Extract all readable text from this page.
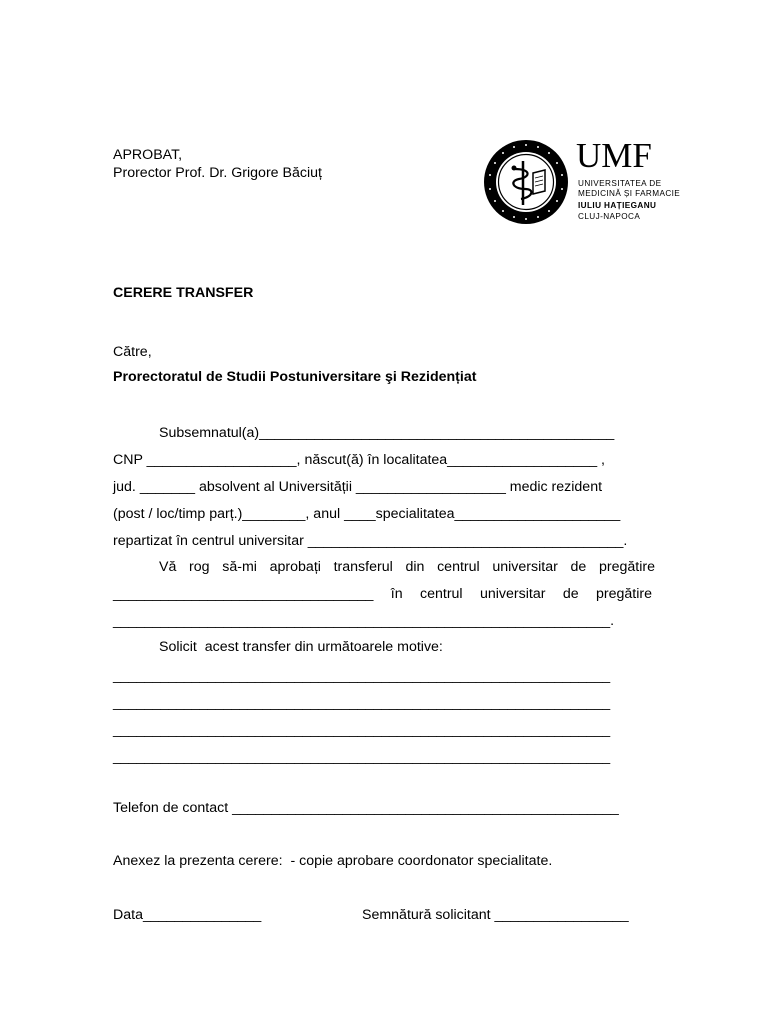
APROBAT,
Prorector Prof. Dr. Grigore Băciuț	UMF
UNIVERSITATEA DE
MEDICINĂ ȘI FARMACIE
IULIU HAȚIEGANU
CLUJ-NAPOCA
CERERE TRANSFER
Către,
Prorectoratul de Studii Postuniversitare şi Rezidențiat
Subsemnatul(a)_____________________________________________
CNP ___________________, născut(ă) în localitatea___________________ ,
jud. _______ absolvent al Universității ___________________ medic rezident
(post / loc/timp parț.)________, anul ____specialitatea_____________________
repartizat în centrul universitar ________________________________________.
Vă rog să-mi aprobați transferul din centrul universitar de pregătire
_________________________________ în centrul universitar de pregătire
_______________________________________________________________.
Solicit  acest transfer din următoarele motive:
_______________________________________________________________
_______________________________________________________________
_______________________________________________________________
_______________________________________________________________
Telefon de contact _________________________________________________
Anexez la prezenta cerere:  - copie aprobare coordonator specialitate.
Data_______________	Semnătură solicitant _________________
